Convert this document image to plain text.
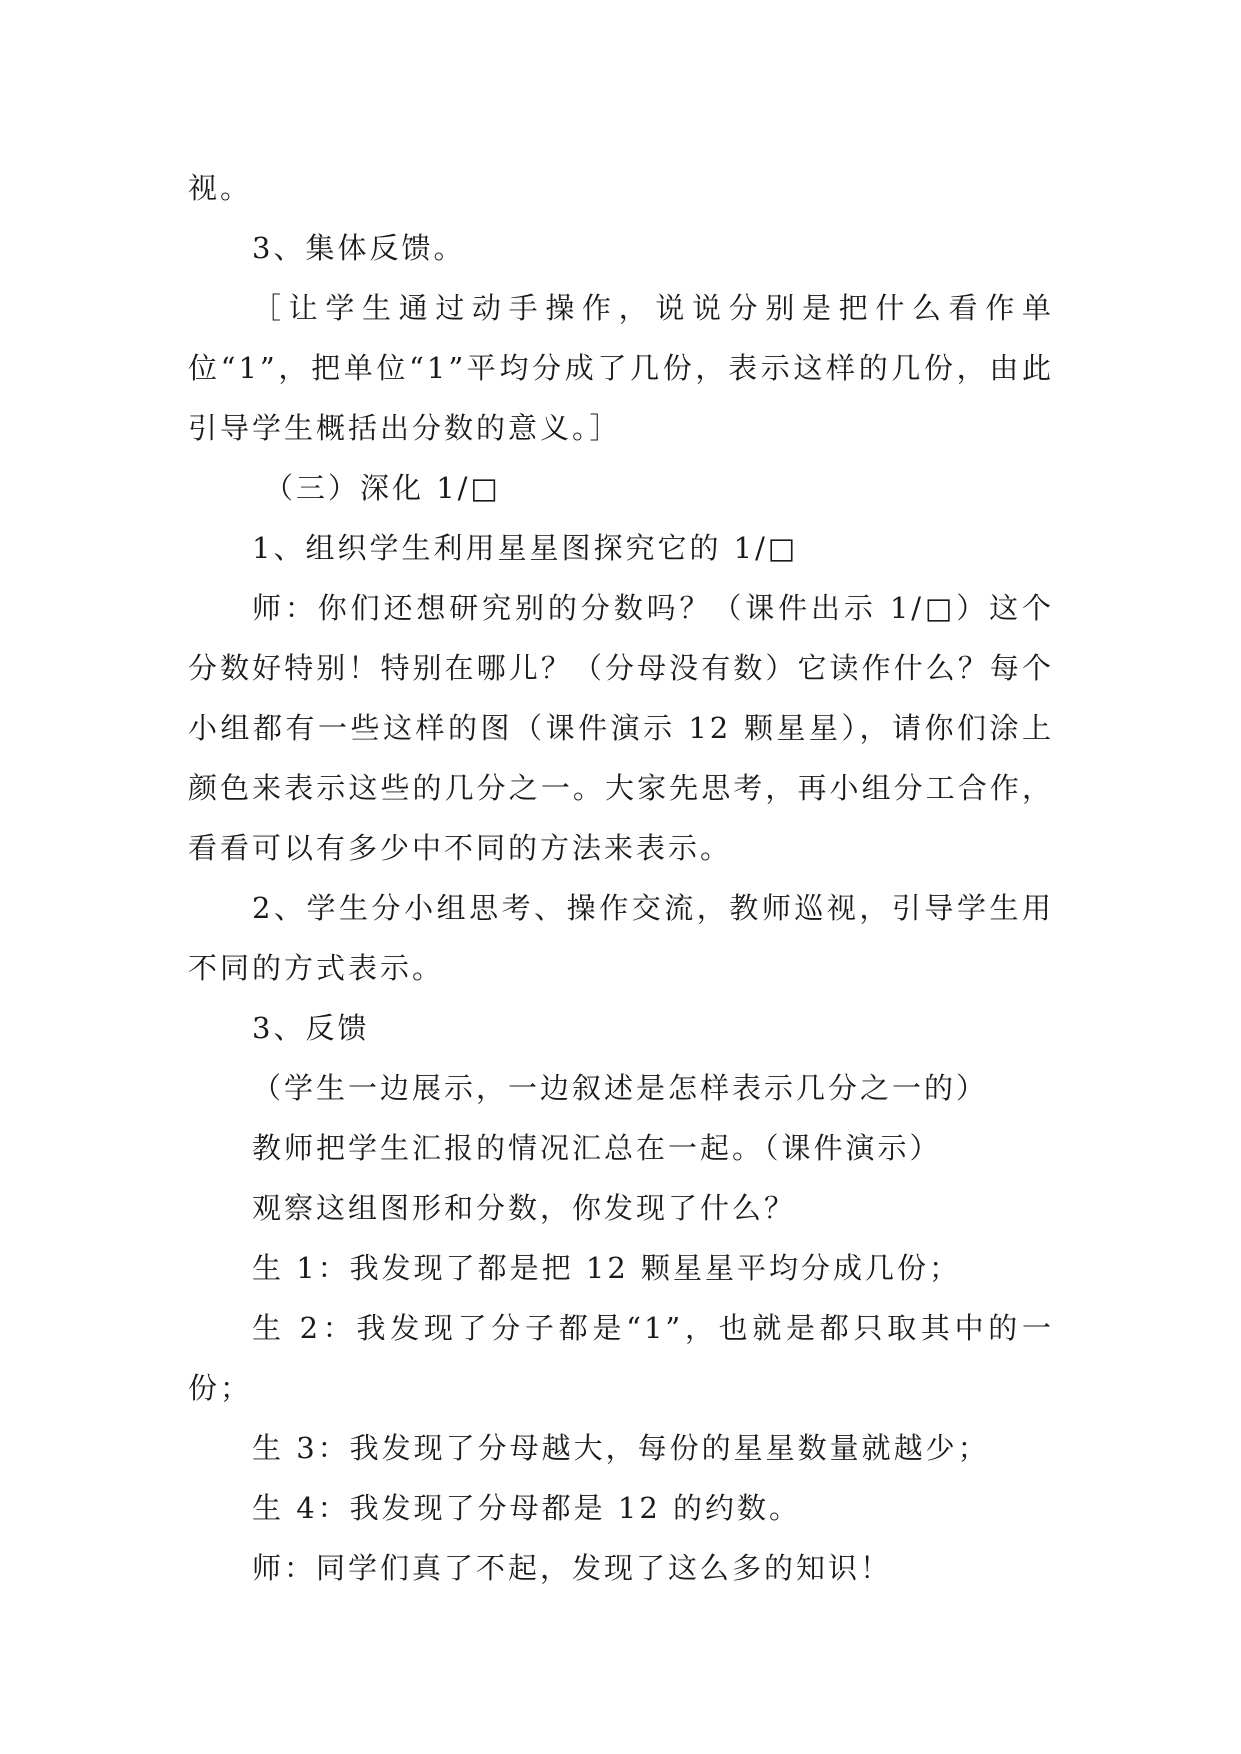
视。

3、集体反馈。

［让学生通过动手操作，说说分别是把什么看作单位“1”，把单位“1”平均分成了几份，表示这样的几份，由此引导学生概括出分数的意义。］

（三）深化 1/□

1、组织学生利用星星图探究它的 1/□

师：你们还想研究别的分数吗？（课件出示 1/□）这个分数好特别！特别在哪儿？（分母没有数）它读作什么？每个小组都有一些这样的图（课件演示 12 颗星星），请你们涂上颜色来表示这些的几分之一。大家先思考，再小组分工合作，看看可以有多少中不同的方法来表示。

2、学生分小组思考、操作交流，教师巡视，引导学生用不同的方式表示。

3、反馈

（学生一边展示，一边叙述是怎样表示几分之一的）

教师把学生汇报的情况汇总在一起。（课件演示）

观察这组图形和分数，你发现了什么？

生 1：我发现了都是把 12 颗星星平均分成几份；

生 2：我发现了分子都是“1”，也就是都只取其中的一份；

生 3：我发现了分母越大，每份的星星数量就越少；

生 4：我发现了分母都是 12 的约数。

师：同学们真了不起，发现了这么多的知识！
